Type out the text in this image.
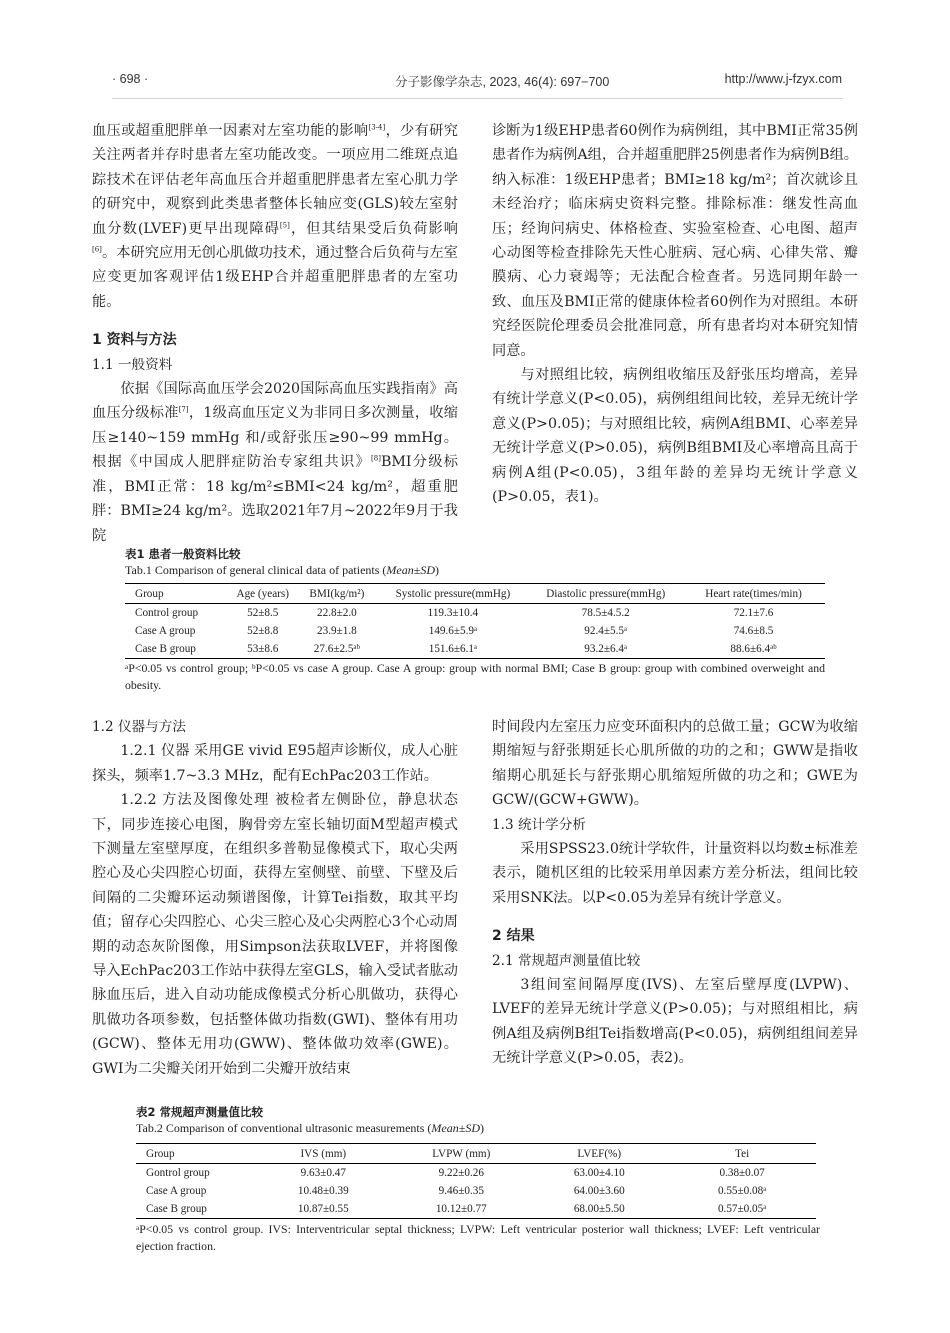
· 698 ·	分子影像学杂志, 2023, 46(4): 697−700	http://www.j-fzyx.com

血压或超重肥胖单一因素对左室功能的影响[3-4]，少有研究关注两者并存时患者左室功能改变。一项应用二维斑点追踪技术在评估老年高血压合并超重肥胖患者左室心肌力学的研究中，观察到此类患者整体长轴应变(GLS)较左室射血分数(LVEF)更早出现障碍[5]，但其结果受后负荷影响[6]。本研究应用无创心肌做功技术，通过整合后负荷与左室应变更加客观评估1级EHP合并超重肥胖患者的左室功能。

1 资料与方法

1.1 一般资料

依据《国际高血压学会2020国际高血压实践指南》高血压分级标准[7]，1级高血压定义为非同日多次测量，收缩压≥140~159 mmHg 和/或舒张压≥90~99 mmHg。根据《中国成人肥胖症防治专家组共识》[8]BMI分级标准，BMI正常：18 kg/m²≤BMI<24 kg/m²，超重肥胖：BMI≥24 kg/m²。选取2021年7月~2022年9月于我院

诊断为1级EHP患者60例作为病例组，其中BMI正常35例患者作为病例A组，合并超重肥胖25例患者作为病例B组。纳入标准：1级EHP患者；BMI≥18 kg/m²；首次就诊且未经治疗；临床病史资料完整。排除标准：继发性高血压；经询问病史、体格检查、实验室检查、心电图、超声心动图等检查排除先天性心脏病、冠心病、心律失常、瓣膜病、心力衰竭等；无法配合检查者。另选同期年龄一致、血压及BMI正常的健康体检者60例作为对照组。本研究经医院伦理委员会批准同意，所有患者均对本研究知情同意。

与对照组比较，病例组收缩压及舒张压均增高，差异有统计学意义(P<0.05)，病例组组间比较，差异无统计学意义(P>0.05)；与对照组比较，病例A组BMI、心率差异无统计学意义(P>0.05)，病例B组BMI及心率增高且高于病例A组(P<0.05)，3组年龄的差异均无统计学意义(P>0.05，表1)。

表1 患者一般资料比较
Tab.1 Comparison of general clinical data of patients (Mean±SD)
Group	Age (years)	BMI(kg/m²)	Systolic pressure(mmHg)	Diastolic pressure(mmHg)	Heart rate(times/min)
Control group	52±8.5	22.8±2.0	119.3±10.4	78.5±4.5.2	72.1±7.6
Case A group	52±8.8	23.9±1.8	149.6±5.9ᵃ	92.4±5.5ᵃ	74.6±8.5
Case B group	53±8.6	27.6±2.5ᵃᵇ	151.6±6.1ᵃ	93.2±6.4ᵃ	88.6±6.4ᵃᵇ
ᵃP<0.05 vs control group; ᵇP<0.05 vs case A group. Case A group: group with normal BMI; Case B group: group with combined overweight and obesity.

1.2 仪器与方法

1.2.1 仪器 采用GE vivid E95超声诊断仪，成人心脏探头，频率1.7~3.3 MHz，配有EchPac203工作站。

1.2.2 方法及图像处理 被检者左侧卧位，静息状态下，同步连接心电图，胸骨旁左室长轴切面M型超声模式下测量左室壁厚度，在组织多普勒显像模式下，取心尖两腔心及心尖四腔心切面，获得左室侧壁、前壁、下壁及后间隔的二尖瓣环运动频谱图像，计算Tei指数，取其平均值；留存心尖四腔心、心尖三腔心及心尖两腔心3个心动周期的动态灰阶图像，用Simpson法获取LVEF，并将图像导入EchPac203工作站中获得左室GLS，输入受试者肱动脉血压后，进入自动功能成像模式分析心肌做功，获得心肌做功各项参数，包括整体做功指数(GWI)、整体有用功(GCW)、整体无用功(GWW)、整体做功效率(GWE)。GWI为二尖瓣关闭开始到二尖瓣开放结束

时间段内左室压力应变环面积内的总做工量；GCW为收缩期缩短与舒张期延长心肌所做的功的之和；GWW是指收缩期心肌延长与舒张期心肌缩短所做的功之和；GWE为GCW/(GCW+GWW)。

1.3 统计学分析

采用SPSS23.0统计学软件，计量资料以均数±标准差表示，随机区组的比较采用单因素方差分析法，组间比较采用SNK法。以P<0.05为差异有统计学意义。

2 结果

2.1 常规超声测量值比较

3组间室间隔厚度(IVS)、左室后壁厚度(LVPW)、LVEF的差异无统计学意义(P>0.05)；与对照组相比，病例A组及病例B组Tei指数增高(P<0.05)，病例组组间差异无统计学意义(P>0.05，表2)。

表2 常规超声测量值比较
Tab.2 Comparison of conventional ultrasonic measurements (Mean±SD)
Group	IVS (mm)	LVPW (mm)	LVEF(%)	Tei
Gontrol group	9.63±0.47	9.22±0.26	63.00±4.10	0.38±0.07
Case A group	10.48±0.39	9.46±0.35	64.00±3.60	0.55±0.08ᵃ
Case B group	10.87±0.55	10.12±0.77	68.00±5.50	0.57±0.05ᵃ
ᵃP<0.05 vs control group. IVS: Interventricular septal thickness; LVPW: Left ventricular posterior wall thickness; LVEF: Left ventricular ejection fraction.
